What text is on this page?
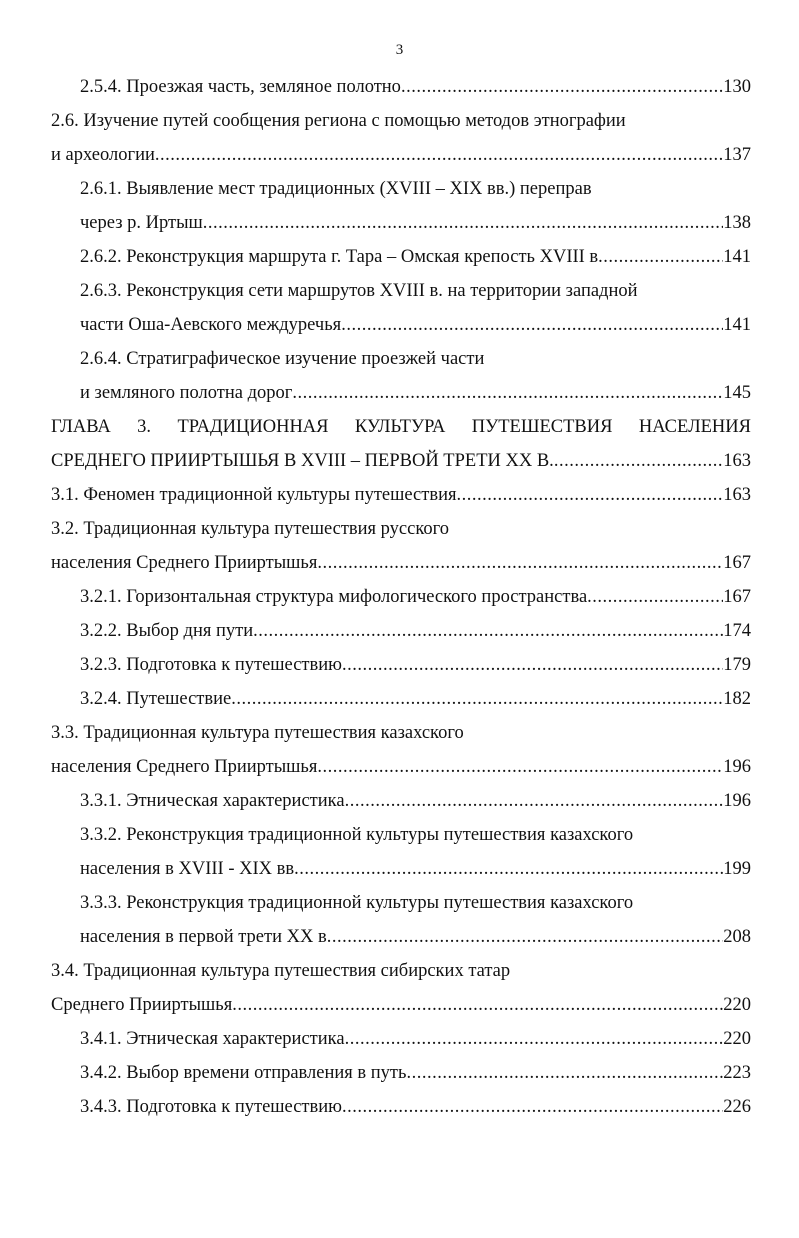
3
2.5.4. Проезжая часть, земляное полотно .....	130
2.6. Изучение путей сообщения региона с помощью методов этнографии
и археологии .....	137
2.6.1. Выявление мест традиционных (XVIII – XIX вв.) переправ
через р. Иртыш .....	138
2.6.2. Реконструкция маршрута г. Тара – Омская крепость XVIII в .....	141
2.6.3. Реконструкция сети маршрутов XVIII в. на территории западной
части Оша-Аевского междуречья .....	141
2.6.4. Стратиграфическое изучение проезжей части
и земляного полотна дорог .....	145
ГЛАВА 3. ТРАДИЦИОННАЯ КУЛЬТУРА ПУТЕШЕСТВИЯ НАСЕЛЕНИЯ
СРЕДНЕГО ПРИИРТЫШЬЯ В XVIII – ПЕРВОЙ ТРЕТИ XX В. .....	163
3.1. Феномен традиционной культуры путешествия .....	163
3.2. Традиционная культура путешествия русского
населения Среднего Прииртышья .....	167
3.2.1. Горизонтальная структура мифологического пространства .....	167
3.2.2. Выбор дня пути .....	174
3.2.3. Подготовка к путешествию .....	179
3.2.4. Путешествие .....	182
3.3. Традиционная культура путешествия казахского
населения Среднего Прииртышья .....	196
3.3.1. Этническая характеристика .....	196
3.3.2. Реконструкция традиционной культуры путешествия казахского
населения в XVIII - XIX вв .....	199
3.3.3. Реконструкция традиционной культуры путешествия казахского
населения в первой трети XX в .....	208
3.4. Традиционная культура путешествия сибирских татар
Среднего Прииртышья .....	220
3.4.1. Этническая характеристика .....	220
3.4.2. Выбор времени отправления в путь .....	223
3.4.3. Подготовка к путешествию .....	226
